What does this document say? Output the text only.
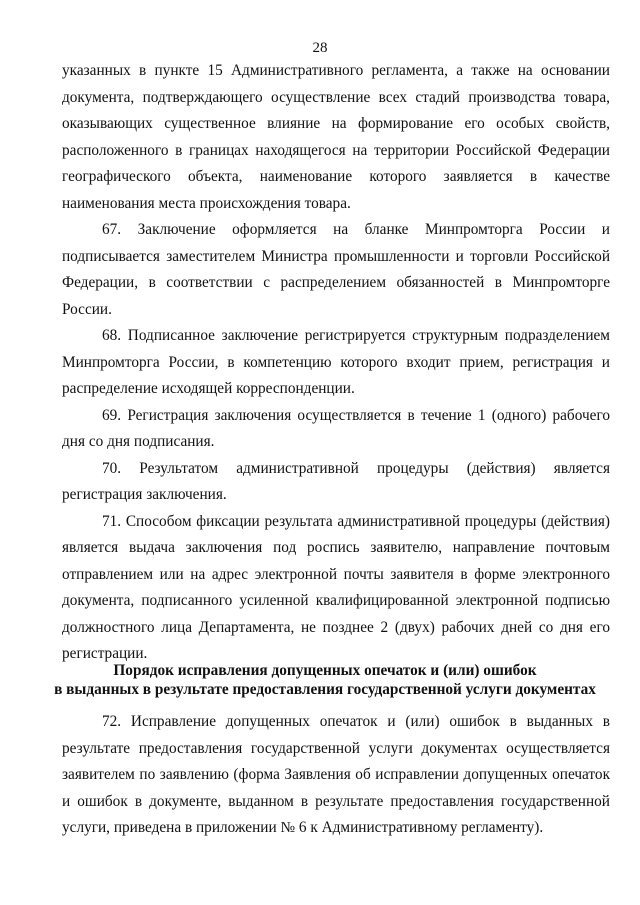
28

указанных в пункте 15 Административного регламента, а также на основании документа, подтверждающего осуществление всех стадий производства товара, оказывающих существенное влияние на формирование его особых свойств, расположенного в границах находящегося на территории Российской Федерации географического объекта, наименование которого заявляется в качестве наименования места происхождения товара.

67. Заключение оформляется на бланке Минпромторга России и подписывается заместителем Министра промышленности и торговли Российской Федерации, в соответствии с распределением обязанностей в Минпромторге России.

68. Подписанное заключение регистрируется структурным подразделением Минпромторга России, в компетенцию которого входит прием, регистрация и распределение исходящей корреспонденции.

69. Регистрация заключения осуществляется в течение 1 (одного) рабочего дня со дня подписания.

70. Результатом административной процедуры (действия) является регистрация заключения.

71. Способом фиксации результата административной процедуры (действия) является выдача заключения под роспись заявителю, направление почтовым отправлением или на адрес электронной почты заявителя в форме электронного документа, подписанного усиленной квалифицированной электронной подписью должностного лица Департамента, не позднее 2 (двух) рабочих дней со дня его регистрации.

Порядок исправления допущенных опечаток и (или) ошибок
в выданных в результате предоставления государственной услуги документах

72. Исправление допущенных опечаток и (или) ошибок в выданных в результате предоставления государственной услуги документах осуществляется заявителем по заявлению (форма Заявления об исправлении допущенных опечаток и ошибок в документе, выданном в результате предоставления государственной услуги, приведена в приложении № 6 к Административному регламенту).
